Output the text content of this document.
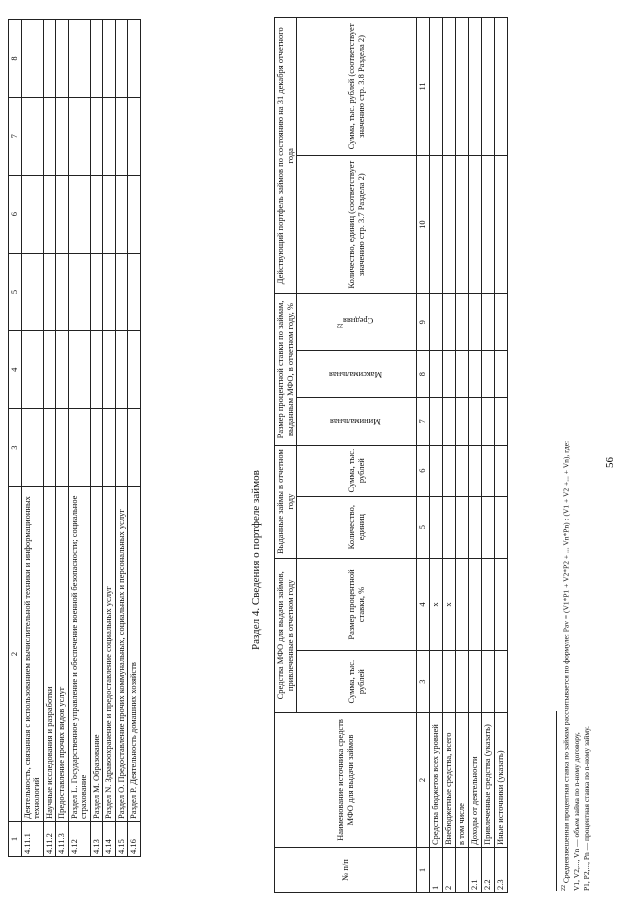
56
1	2	3	4	5	6	7	8
4.11.1	Деятельность, связанная с использованием вычислительной техники и информационных технологий						
4.11.2	Научные исследования и разработки						
4.11.3	Предоставление прочих видов услуг						
4.12	Раздел L. Государственное управление и обеспечение военной безопасности; социальное страхование						
4.13	Раздел M. Образование						
4.14	Раздел N. Здравоохранение и предоставление социальных услуг						
4.15	Раздел O. Предоставление прочих коммунальных, социальных и персональных услуг						
4.16	Раздел P. Деятельность домашних хозяйств						
Раздел 4. Сведения о портфеле займов
№ п/п	Наименование источника средств МФО для выдачи займов	Средства МФО для выдачи займов, привлеченные в отчетном году		Выданные займы в отчетном году		Размер процентной ставки по займам, выданным МФО, в отчетном году, %			Действующий портфель займов по состоянию на 31 декабря отчетного года	
		Сумма, тыс. рублей	Размер процентной ставки, %	Количество, единиц	Сумма, тыс. рублей	Минимальная	Максимальная	Средняя$^{22}$	Количество, единиц (соответствует значению стр. 3.7 Раздела 2)	Сумма, тыс. рублей (соответствует значению стр. 3.8 Раздела 2)
1	2	3	4	5	6	7	8	9	10	11
1	Средства бюджетов всех уровней		x							
2	Внебюджетные средства, всего		x							
	в том числе									
2.1	Доходы от деятельности									
2.2	Привлеченные средства (указать)									
2.3	Иные источники (указать)									
$^{22}$ Средневзвешенная процентная ставка по займам рассчитывается по формуле: Pav = (V1*P1 + V2*P2 + ... Vn*Pn) : (V1 + V2 +... + Vn), где: V1, V2,..., Vn — объем займа по n-ному договору, P1, P2,..., Pn — процентная ставка по n-ному займу.
